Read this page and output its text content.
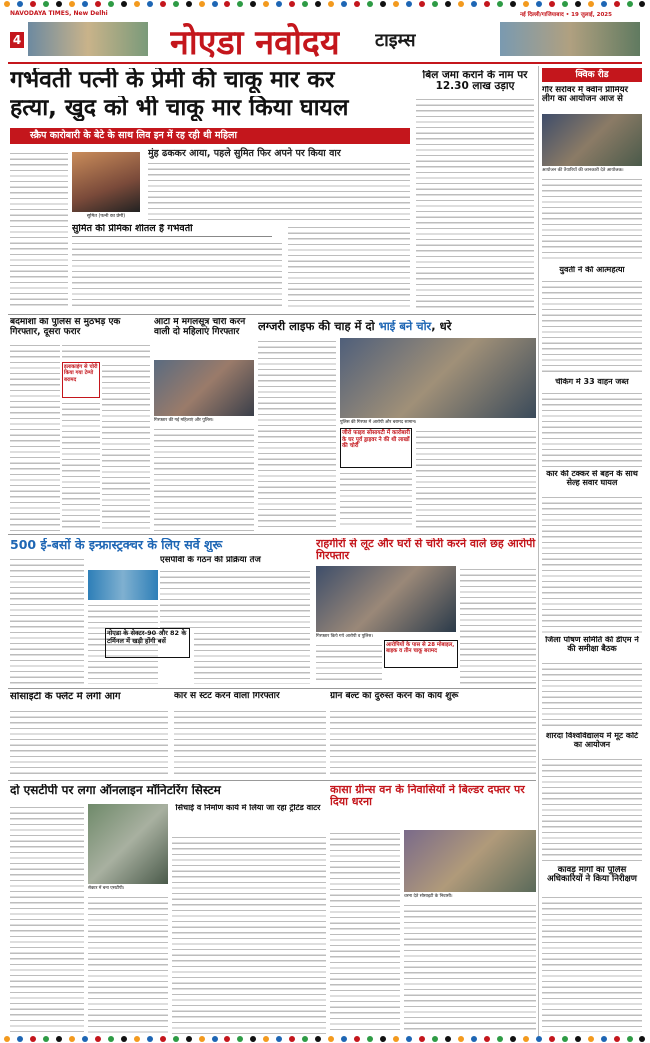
NAVODAYA TIMES, New Delhi	नई दिल्ली/गाजियाबाद • 19 जुलाई, 2025
4	नोएडा नवोदय टाइम्स
गर्भवती पत्नी के प्रेमी की चाकू मार कर
हत्या, खुद को भी चाकू मार किया घायल
स्क्रैप कारोबारी के बेटे के साथ लिव इन में रह रही थी महिला
सुमित (पत्नी का प्रेमी)
मुंह ढककर आया, पहले सुमित फिर अपने पर किया वार
सुमित की प्रेमिका शीतल है गर्भवती
बिल जमा कराने के नाम पर 12.30 लाख उड़ाए
क्विक रीड
गौर सरोवर में क्वीन प्रीमियर लीग का आयोजन आज से
आयोजन की तैयारियों की जानकारी देते आयोजक।
युवती ने की आत्महत्या
चेकिंग में 33 वाहन जब्त
कार की टक्कर से बहन के साथ सेल्ह सवार घायल
जिला पोषण समिति की डीएम ने की समीक्षा बैठक
शारदा विश्वविद्यालय में मूट कोर्ट का आयोजन
कांवड़ मार्गों का पुलिस अधिकारियों ने किया निरीक्षण
बदमाशों की पुलिस से मुठभेड़ एक गिरफ्तार, दूसरा फरार
इलाकाइंग से चोरी किया गया टेम्पो बरामद
ऑटो में मंगलसूत्र चोरी करने वाली दो महिलाएं गिरफ्तार
गिरफ्तार की गई महिलाएं और पुलिस।
लग्जरी लाइफ की चाह में दो भाई बने चोर, धरे
पुलिस की गिरफ्त में आरोपी और बरामद सामान।
जीरो फाइव सोसायटी में कारोबारी के घर पूर्व ड्राइवर ने की थी लाखों की चोरी
500 ई-बसों के इन्फ्रास्ट्रक्चर के लिए सर्वे शुरू
एसपीवी के गठन की प्रक्रिया तेज
नोएडा के सेक्टर-90 और 82 के टर्मिनल में खड़ी होंगी बसें
राहगीरों से लूट और घरों से चोरी करने वाले छह आरोपी गिरफ्तार
गिरफ्तार किये गये आरोपी व पुलिस।
आरोपियों के पास से 28 मोबाइल, बाइक व तीन चाकू बरामद
सोसाइटी के फ्लैट में लगी आग	कार से स्टंट करने वाला गिरफ्तार	ग्रीन बेल्ट को दुरुस्त करने का कार्य शुरू
दो एसटीपी पर लगा ऑनलाइन मॉनिटरिंग सिस्टम
सिंचाई व निर्माण कार्य में लिया जा रहा ट्रीटेड वाटर
सेक्टर में बना एसटीपी।
कासा ग्रीन्स वन के निवासियों ने बिल्डर दफ्तर पर दिया धरना
धरना देते सोसाइटी के निवासी।
